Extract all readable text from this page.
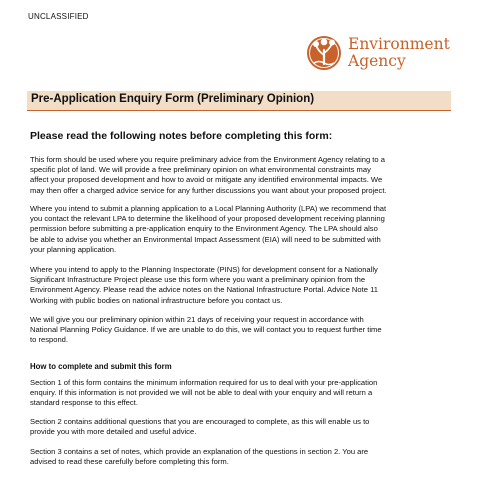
UNCLASSIFIED
Environment
Agency
Pre-Application Enquiry Form (Preliminary Opinion)
Please read the following notes before completing this form:
This form should be used where you require preliminary advice from the Environment Agency relating to a
specific plot of land. We will provide a free preliminary opinion on what environmental constraints may
affect your proposed development and how to avoid or mitigate any identified environmental impacts. We
may then offer a charged advice service for any further discussions you want about your proposed project.
Where you intend to submit a planning application to a Local Planning Authority (LPA) we recommend that
you contact the relevant LPA to determine the likelihood of your proposed development receiving planning
permission before submitting a pre-application enquiry to the Environment Agency. The LPA should also
be able to advise you whether an Environmental Impact Assessment (EIA) will need to be submitted with
your planning application.
Where you intend to apply to the Planning Inspectorate (PINS) for development consent for a Nationally
Significant Infrastructure Project please use this form where you want a preliminary opinion from the
Environment Agency. Please read the advice notes on the National Infrastructure Portal. Advice Note 11
Working with public bodies on national infrastructure before you contact us.
We will give you our preliminary opinion within 21 days of receiving your request in accordance with
National Planning Policy Guidance. If we are unable to do this, we will contact you to request further time
to respond.
How to complete and submit this form
Section 1 of this form contains the minimum information required for us to deal with your pre-application
enquiry. If this information is not provided we will not be able to deal with your enquiry and will return a
standard response to this effect.
Section 2 contains additional questions that you are encouraged to complete, as this will enable us to
provide you with more detailed and useful advice.
Section 3 contains a set of notes, which provide an explanation of the questions in section 2. You are
advised to read these carefully before completing this form.
